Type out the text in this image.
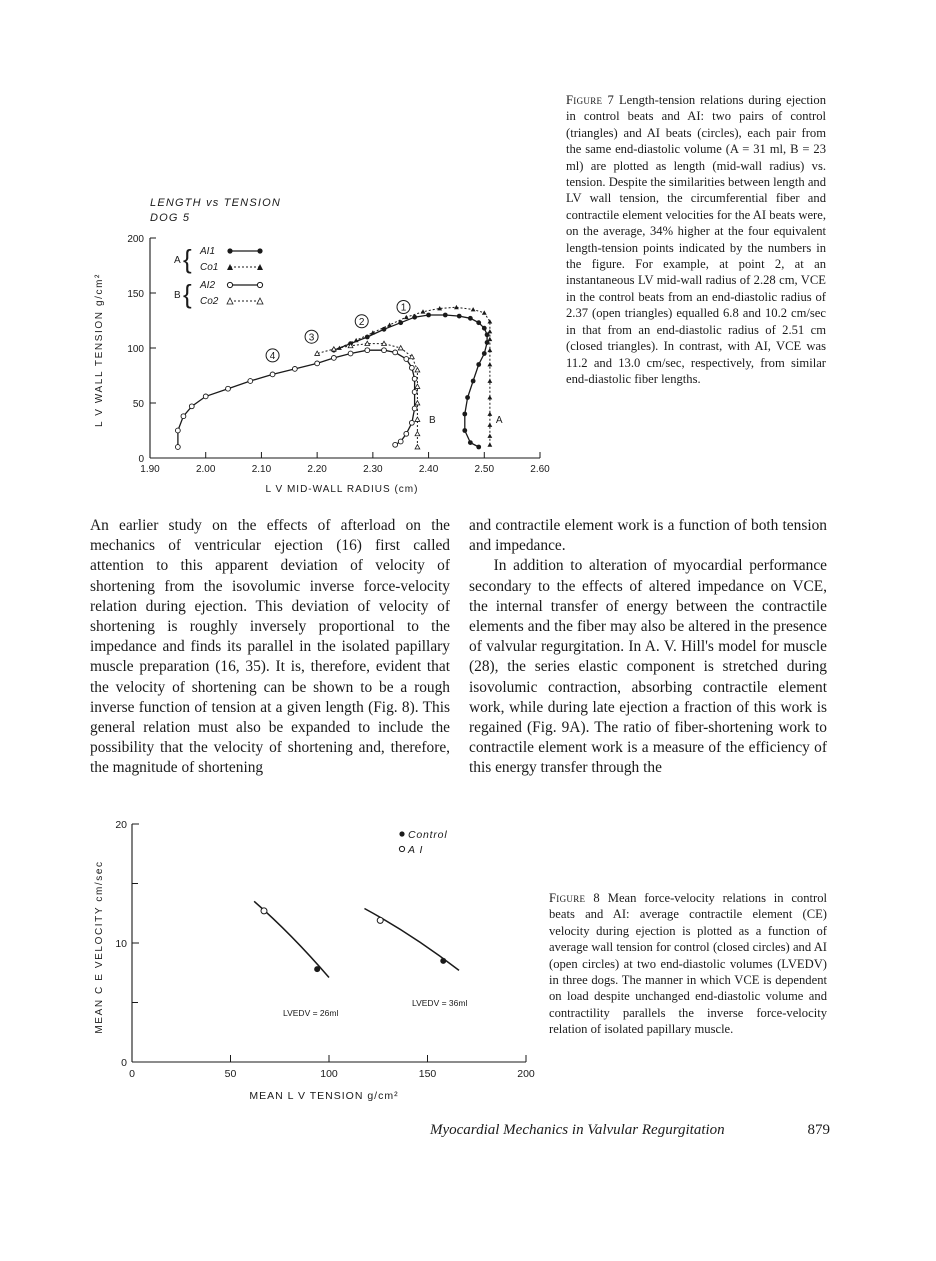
LENGTH vs TENSION
DOG 5
A { AI1
Co1
B { AI2
Co2
1.90	2.00	2.10	2.20	2.30	2.40	2.50	2.60
0
50
100
150
200
L V MID-WALL RADIUS (cm)
L V WALL TENSION g/cm²	1
2
3
4
A
B
Figure 7 Length-tension relations during ejection in control beats and AI: two pairs of control (triangles) and AI beats (circles), each pair from the same end-diastolic volume (A = 31 ml, B = 23 ml) are plotted as length (mid-wall radius) vs. tension. Despite the similarities between length and LV wall tension, the circumferential fiber and contractile element velocities for the AI beats were, on the average, 34% higher at the four equivalent length-tension points indicated by the numbers in the figure. For example, at point 2, at an instantaneous LV mid-wall radius of 2.28 cm, VCE in the control beats from an end-diastolic radius of 2.37 (open triangles) equalled 6.8 and 10.2 cm/sec in that from an end-diastolic radius of 2.51 cm (closed triangles). In contrast, with AI, VCE was 11.2 and 13.0 cm/sec, respectively, from similar end-diastolic fiber lengths.

An earlier study on the effects of afterload on the mechanics of ventricular ejection (16) first called attention to this apparent deviation of velocity of shortening from the isovolumic inverse force-velocity relation during ejection. This deviation of velocity of shortening is roughly inversely proportional to the impedance and finds its parallel in the isolated papillary muscle preparation (16, 35). It is, therefore, evident that the velocity of shortening can be shown to be a rough inverse function of tension at a given length (Fig. 8). This general relation must also be expanded to include the possibility that the velocity of shortening and, therefore, the magnitude of shortening

and contractile element work is a function of both tension and impedance.

In addition to alteration of myocardial performance secondary to the effects of altered impedance on VCE, the internal transfer of energy between the contractile elements and the fiber may also be altered in the presence of valvular regurgitation. In A. V. Hill's model for muscle (28), the series elastic component is stretched during isovolumic contraction, absorbing contractile element work, while during late ejection a fraction of this work is regained (Fig. 9A). The ratio of fiber-shortening work to contractile element work is a measure of the efficiency of this energy transfer through the

Control
A I
0	50	100	150	200
0
10
20
MEAN L V TENSION g/cm²
MEAN C E VELOCITY cm/sec	LVEDV = 26ml
LVEDV = 36ml
Figure 8 Mean force-velocity relations in control beats and AI: average contractile element (CE) velocity during ejection is plotted as a function of average wall tension for control (closed circles) and AI (open circles) at two end-diastolic volumes (LVEDV) in three dogs. The manner in which VCE is dependent on load despite unchanged end-diastolic volume and contractility parallels the inverse force-velocity relation of isolated papillary muscle.
Myocardial Mechanics in Valvular Regurgitation	879
